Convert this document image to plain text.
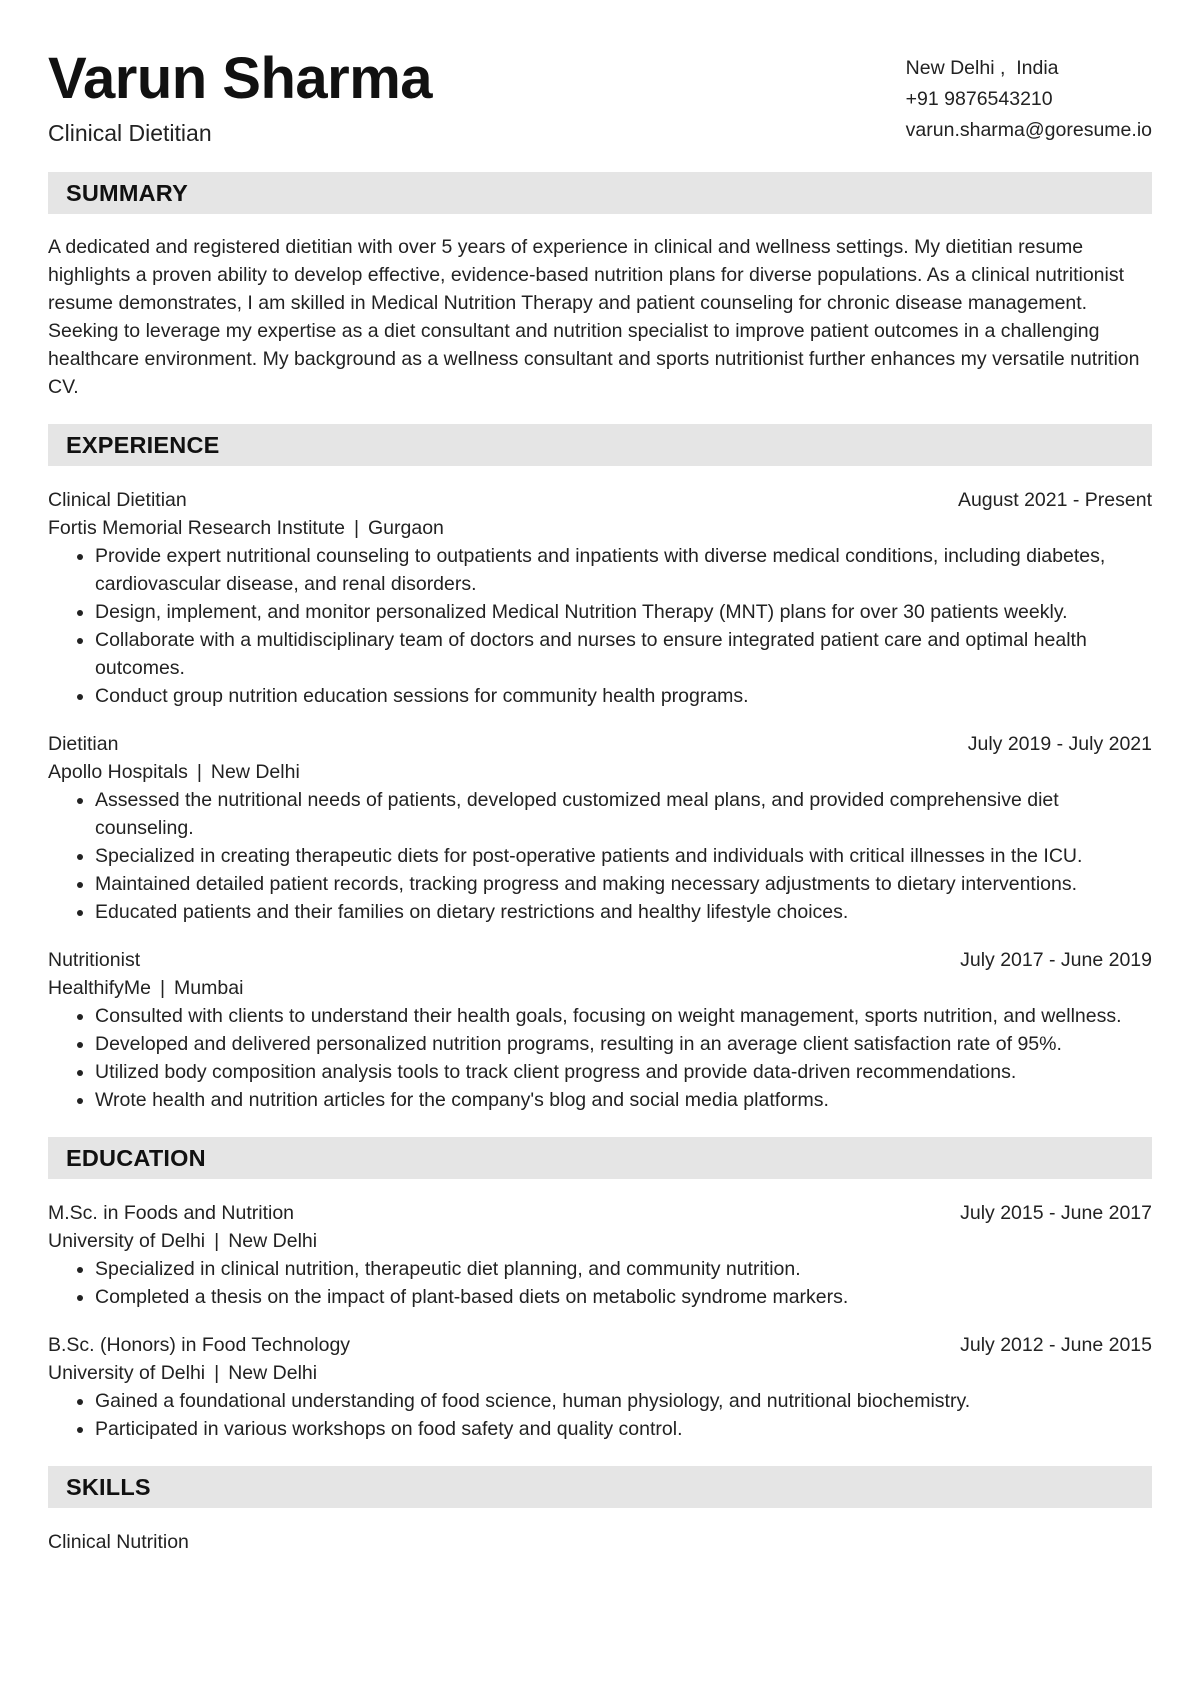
Varun Sharma
Clinical Dietitian
New Delhi ,  India
+91 9876543210
varun.sharma@goresume.io
SUMMARY
A dedicated and registered dietitian with over 5 years of experience in clinical and wellness settings. My dietitian resume highlights a proven ability to develop effective, evidence-based nutrition plans for diverse populations. As a clinical nutritionist resume demonstrates, I am skilled in Medical Nutrition Therapy and patient counseling for chronic disease management. Seeking to leverage my expertise as a diet consultant and nutrition specialist to improve patient outcomes in a challenging healthcare environment. My background as a wellness consultant and sports nutritionist further enhances my versatile nutrition CV.
EXPERIENCE
Clinical Dietitian	August 2021 - Present
Fortis Memorial Research Institute | Gurgaon
• Provide expert nutritional counseling to outpatients and inpatients with diverse medical conditions, including diabetes, cardiovascular disease, and renal disorders.
• Design, implement, and monitor personalized Medical Nutrition Therapy (MNT) plans for over 30 patients weekly.
• Collaborate with a multidisciplinary team of doctors and nurses to ensure integrated patient care and optimal health outcomes.
• Conduct group nutrition education sessions for community health programs.
Dietitian	July 2019 - July 2021
Apollo Hospitals | New Delhi
• Assessed the nutritional needs of patients, developed customized meal plans, and provided comprehensive diet counseling.
• Specialized in creating therapeutic diets for post-operative patients and individuals with critical illnesses in the ICU.
• Maintained detailed patient records, tracking progress and making necessary adjustments to dietary interventions.
• Educated patients and their families on dietary restrictions and healthy lifestyle choices.
Nutritionist	July 2017 - June 2019
HealthifyMe | Mumbai
• Consulted with clients to understand their health goals, focusing on weight management, sports nutrition, and wellness.
• Developed and delivered personalized nutrition programs, resulting in an average client satisfaction rate of 95%.
• Utilized body composition analysis tools to track client progress and provide data-driven recommendations.
• Wrote health and nutrition articles for the company's blog and social media platforms.
EDUCATION
M.Sc. in Foods and Nutrition	July 2015 - June 2017
University of Delhi | New Delhi
• Specialized in clinical nutrition, therapeutic diet planning, and community nutrition.
• Completed a thesis on the impact of plant-based diets on metabolic syndrome markers.
B.Sc. (Honors) in Food Technology	July 2012 - June 2015
University of Delhi | New Delhi
• Gained a foundational understanding of food science, human physiology, and nutritional biochemistry.
• Participated in various workshops on food safety and quality control.
SKILLS
Clinical Nutrition
